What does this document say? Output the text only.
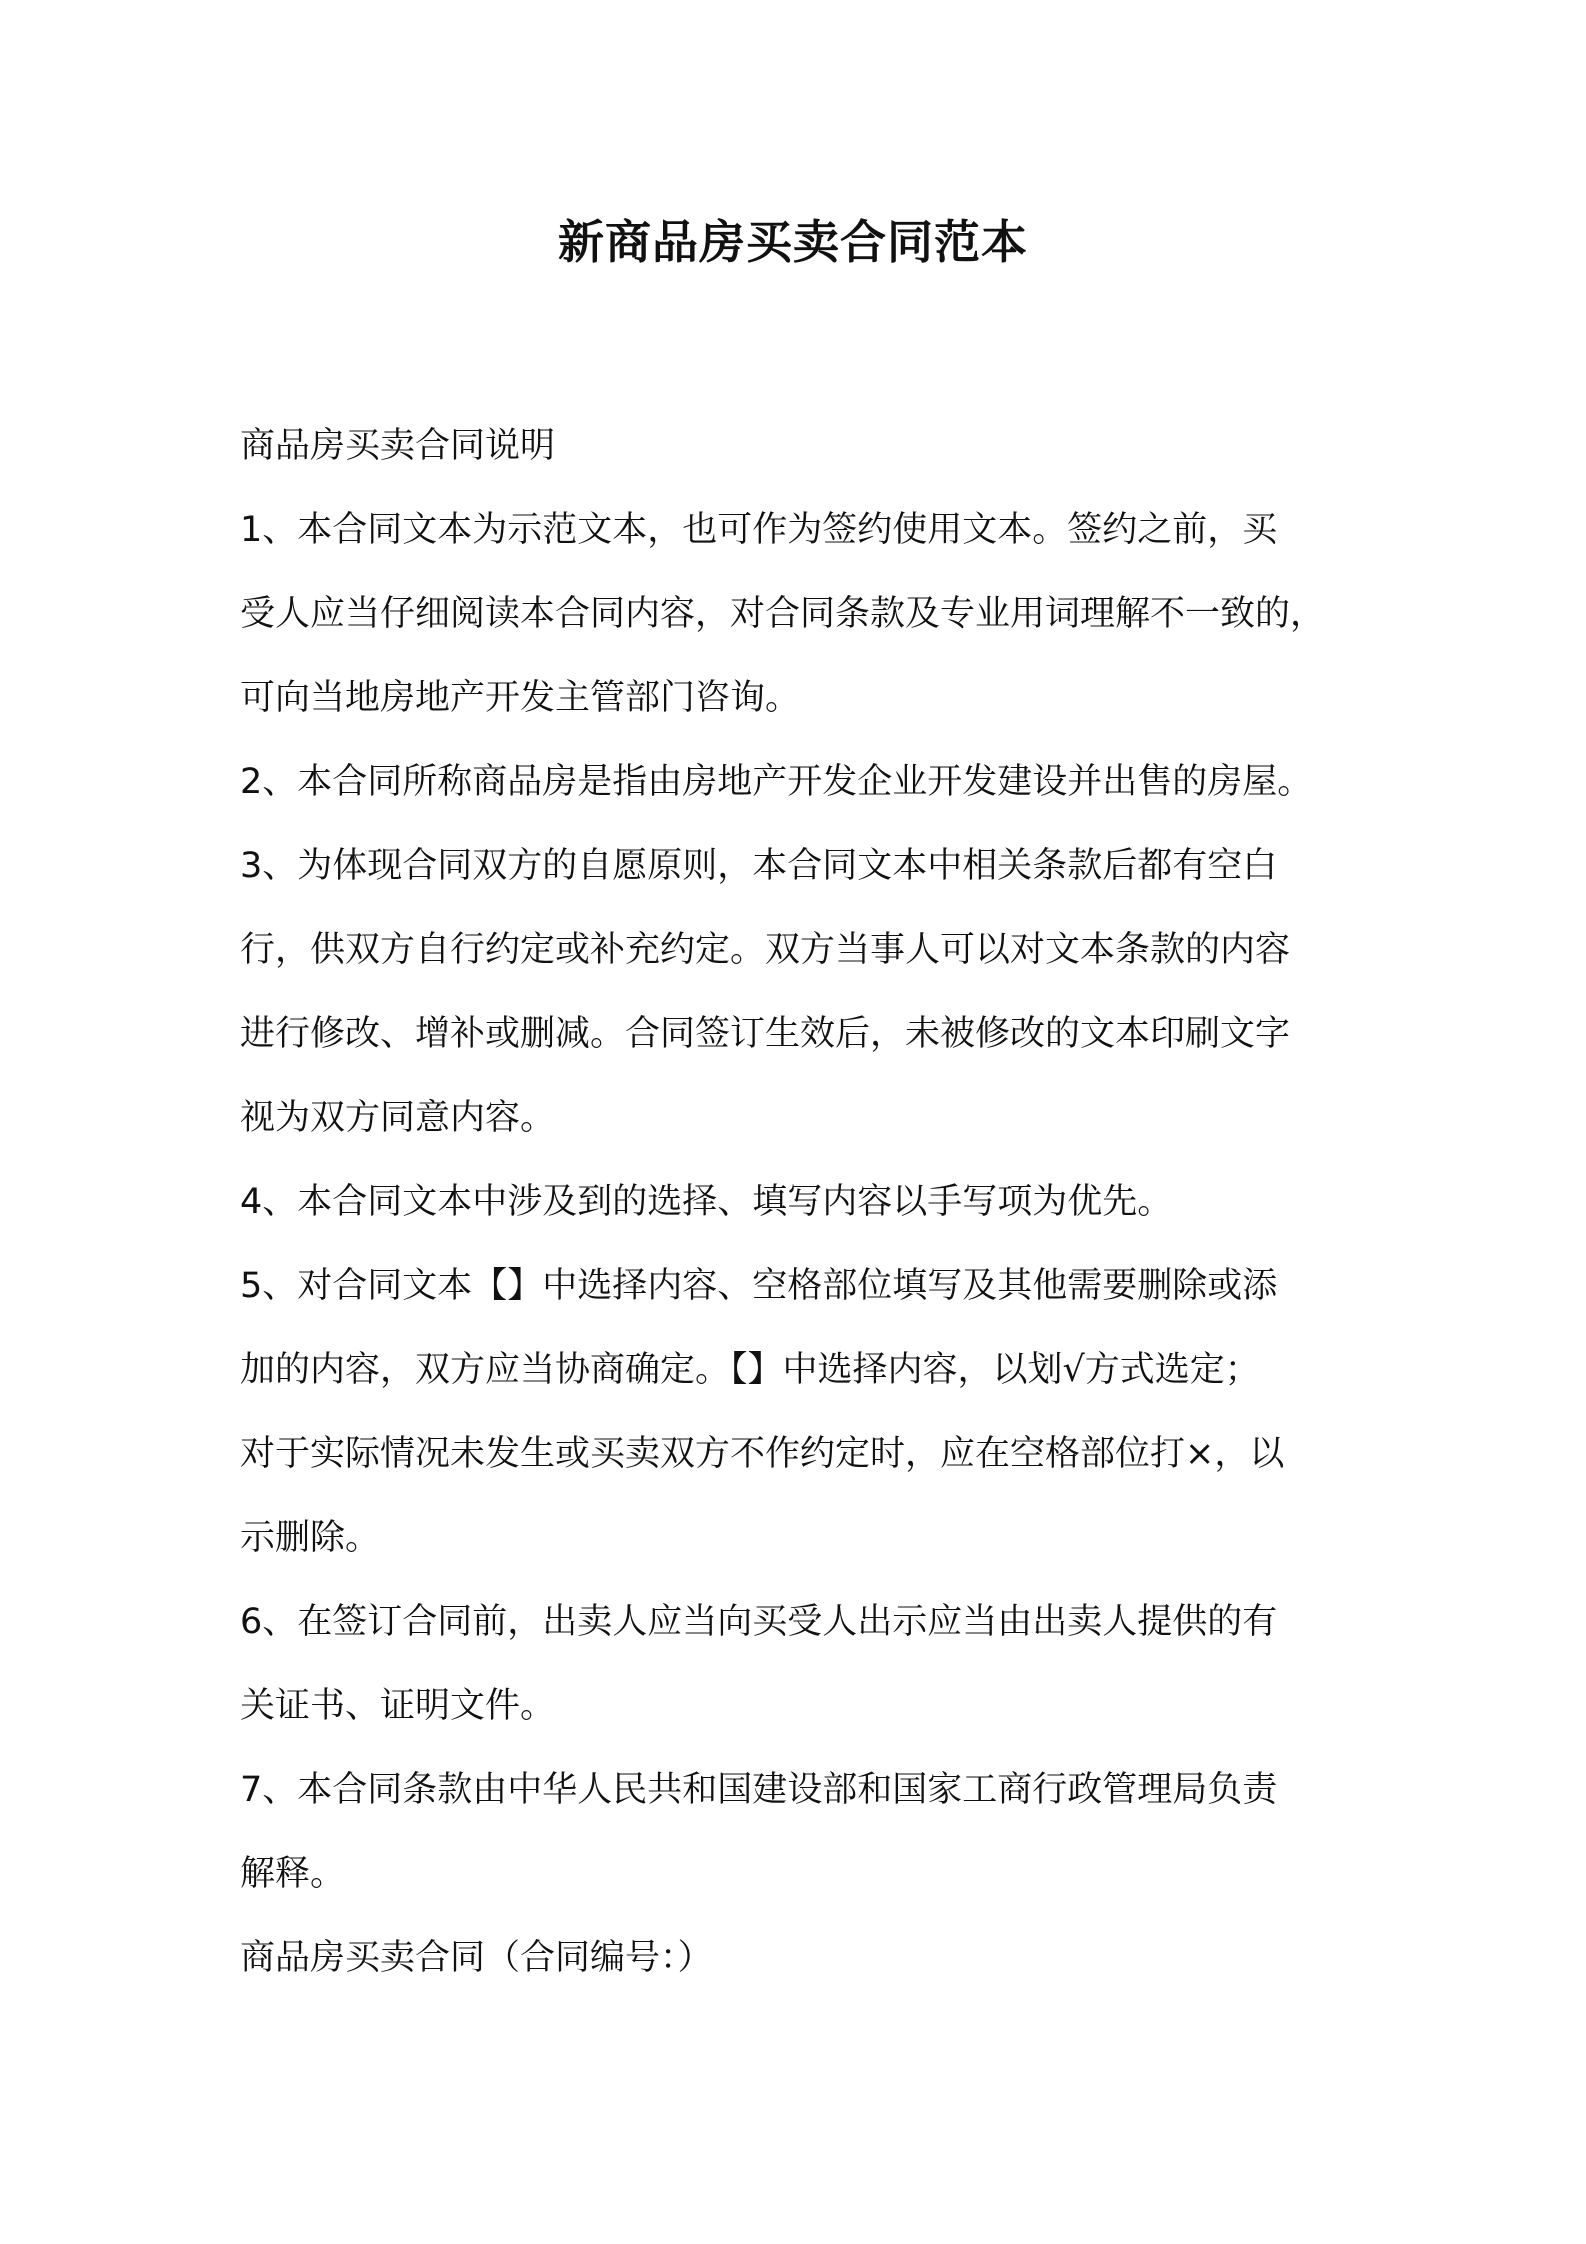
新商品房买卖合同范本

商品房买卖合同说明

1、本合同文本为示范文本，也可作为签约使用文本。签约之前，买

受人应当仔细阅读本合同内容，对合同条款及专业用词理解不一致的，

可向当地房地产开发主管部门咨询。

2、本合同所称商品房是指由房地产开发企业开发建设并出售的房屋。

3、为体现合同双方的自愿原则，本合同文本中相关条款后都有空白

行，供双方自行约定或补充约定。双方当事人可以对文本条款的内容

进行修改、增补或删减。合同签订生效后，未被修改的文本印刷文字

视为双方同意内容。

4、本合同文本中涉及到的选择、填写内容以手写项为优先。

5、对合同文本【】中选择内容、空格部位填写及其他需要删除或添

加的内容，双方应当协商确定。【】中选择内容，以划√方式选定；

对于实际情况未发生或买卖双方不作约定时，应在空格部位打×，以

示删除。

6、在签订合同前，出卖人应当向买受人出示应当由出卖人提供的有

关证书、证明文件。

7、本合同条款由中华人民共和国建设部和国家工商行政管理局负责

解释。

商品房买卖合同（合同编号：）
